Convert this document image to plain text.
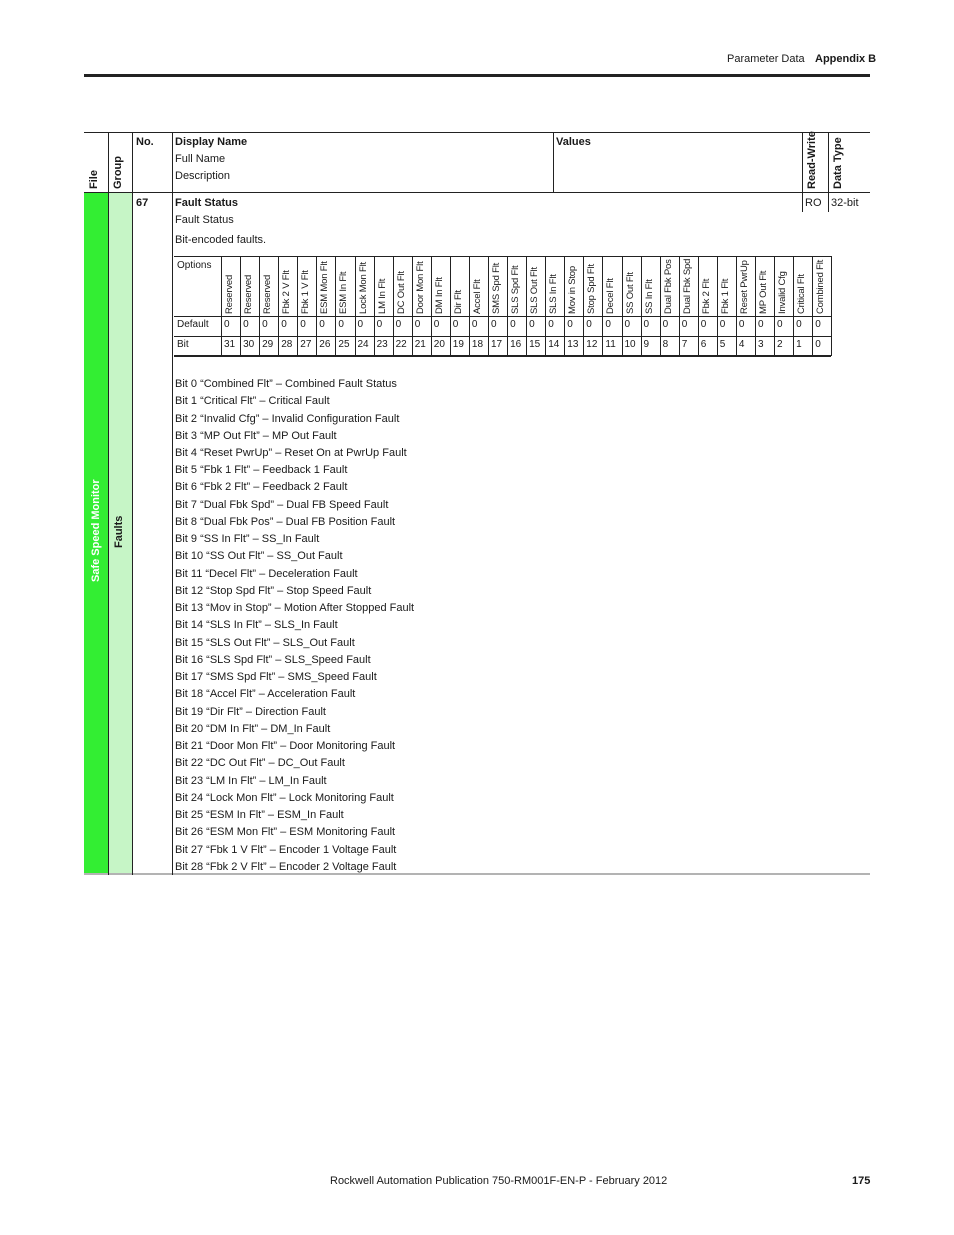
Parameter Data Appendix B
File Group	Read-Write Data Type
No. Display Name
Full Name
Description
Values
Safe Speed Monitor Faults
67 Fault Status
Fault Status
Bit-encoded faults.
RO 32-bit
Options
Default
Bit
Reserved
0
31
Reserved
0
30
Reserved
0
29
Fbk 2 V Flt
0
28
Fbk 1 V Flt
0
27
ESM Mon Flt
0
26
ESM In Flt
0
25
Lock Mon Flt
0
24
LM In Flt
0
23
DC Out Flt
0
22
Door Mon Flt
0
21
DM In Flt
0
20
Dir Flt
0
19
Accel Flt
0
18
SMS Spd Flt
0
17
SLS Spd Flt
0
16
SLS Out Flt
0
15
SLS In Flt
0
14
Mov in Stop
0
13
Stop Spd Flt
0
12
Decel Flt
0
11
SS Out Flt
0
10
SS In Flt
0
9
Dual Fbk Pos
0
8
Dual Fbk Spd
0
7
Fbk 2 Flt
0
6
Fbk 1 Flt
0
5
Reset PwrUp
0
4
MP Out Flt
0
3
Invalid Cfg
0
2
Critical Flt
0
1
Combined Flt
0
0
Bit 0 “Combined Flt” – Combined Fault Status
Bit 1 “Critical Flt” – Critical Fault
Bit 2 “Invalid Cfg” – Invalid Configuration Fault
Bit 3 “MP Out Flt” – MP Out Fault
Bit 4 “Reset PwrUp” – Reset On at PwrUp Fault
Bit 5 “Fbk 1 Flt” – Feedback 1 Fault
Bit 6 “Fbk 2 Flt” – Feedback 2 Fault
Bit 7 “Dual Fbk Spd” – Dual FB Speed Fault
Bit 8 “Dual Fbk Pos” – Dual FB Position Fault
Bit 9 “SS In Flt” – SS_In Fault
Bit 10 “SS Out Flt” – SS_Out Fault
Bit 11 “Decel Flt” – Deceleration Fault
Bit 12 “Stop Spd Flt” – Stop Speed Fault
Bit 13 “Mov in Stop” – Motion After Stopped Fault
Bit 14 “SLS In Flt” – SLS_In Fault
Bit 15 “SLS Out Flt” – SLS_Out Fault
Bit 16 “SLS Spd Flt” – SLS_Speed Fault
Bit 17 “SMS Spd Flt” – SMS_Speed Fault
Bit 18 “Accel Flt” – Acceleration Fault
Bit 19 “Dir Flt” – Direction Fault
Bit 20 “DM In Flt” – DM_In Fault
Bit 21 “Door Mon Flt” – Door Monitoring Fault
Bit 22 “DC Out Flt” – DC_Out Fault
Bit 23 “LM In Flt” – LM_In Fault
Bit 24 “Lock Mon Flt” – Lock Monitoring Fault
Bit 25 “ESM In Flt” – ESM_In Fault
Bit 26 “ESM Mon Flt” – ESM Monitoring Fault
Bit 27 “Fbk 1 V Flt” – Encoder 1 Voltage Fault
Bit 28 “Fbk 2 V Flt” – Encoder 2 Voltage Fault
Rockwell Automation Publication 750-RM001F-EN-P - February 2012	175
